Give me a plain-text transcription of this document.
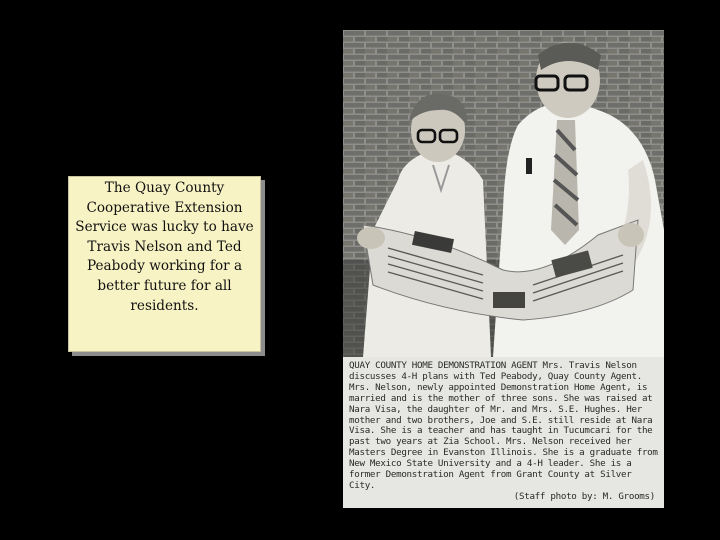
The Quay County Cooperative Extension Service was lucky to have Travis Nelson and Ted Peabody working for a better future for all residents.
QUAY COUNTY HOME DEMONSTRATION AGENT Mrs. Travis Nelson discusses 4-H plans with Ted Peabody, Quay County Agent. Mrs. Nelson, newly appointed Demonstration Home Agent, is married and is the mother of three sons. She was raised at Nara Visa, the daughter of Mr. and Mrs. S.E. Hughes. Her mother and two brothers, Joe and S.E. still reside at Nara Visa. She is a teacher and has taught in Tucumcari for the past two years at Zia School. Mrs. Nelson received her Masters Degree in Evanston Illinois. She is a graduate from New Mexico State University and a 4-H leader. She is a former Demonstration Agent from Grant County at Silver City.
(Staff photo by: M. Grooms)
